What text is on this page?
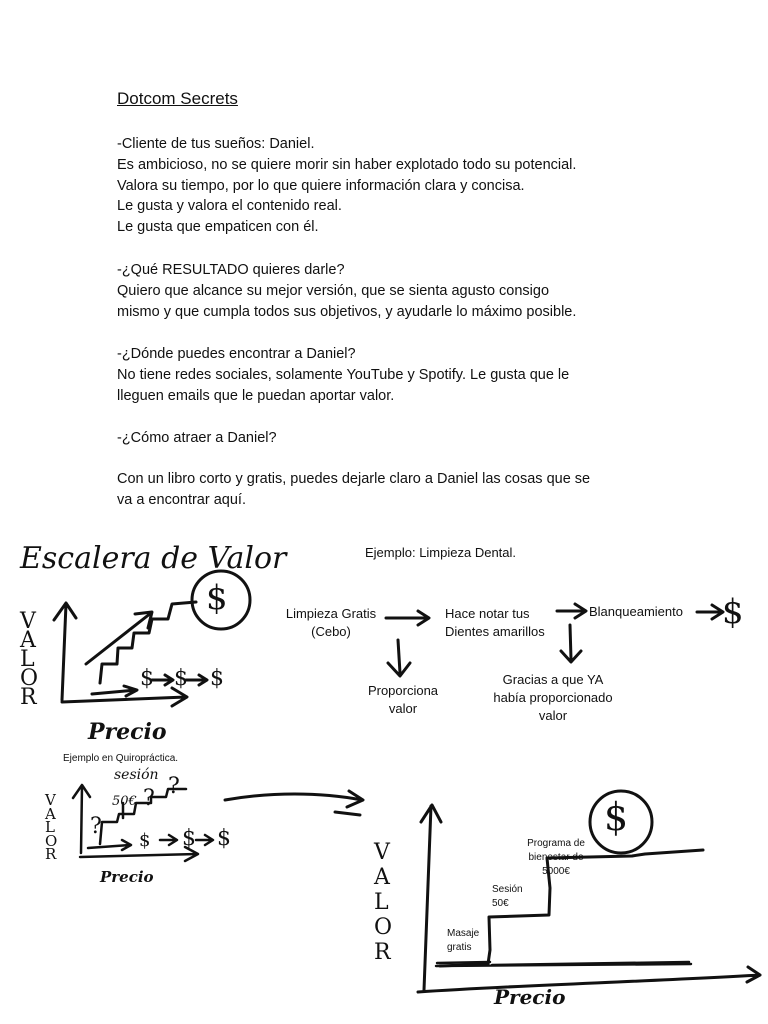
Dotcom Secrets
-Cliente de tus sueños: Daniel.
Es ambicioso, no se quiere morir sin haber explotado todo su potencial.
Valora su tiempo, por lo que quiere información clara y concisa.
Le gusta y valora el contenido real.
Le gusta que empaticen con él.
-¿Qué RESULTADO quieres darle?
Quiero que alcance su mejor versión, que se sienta agusto consigo
mismo y que cumpla todos sus objetivos, y ayudarle lo máximo posible.
-¿Dónde puedes encontrar a Daniel?
No tiene redes sociales, solamente YouTube y Spotify. Le gusta que le
lleguen emails que le puedan aportar valor.
-¿Cómo atraer a Daniel?
Con un libro corto y gratis, puedes dejarle claro a Daniel las cosas que se
va a encontrar aquí.
Escalera de Valor
V
A
L
O
R
Precio
$
$ $ $
Ejemplo: Limpieza Dental.
Limpieza Gratis
(Cebo)
Hace notar tus
Dientes amarillos
Blanqueamiento $
Proporciona
valor
Gracias a que YA
había proporcionado
valor
Ejemplo en Quiropráctica.
V
A
L
O
R
Precio
sesión
50€
?
? ?
$ $ $
V
A
L
O
R
Precio
$
Masaje
gratis
Sesión
50€
Programa de
bienestar de
5000€
